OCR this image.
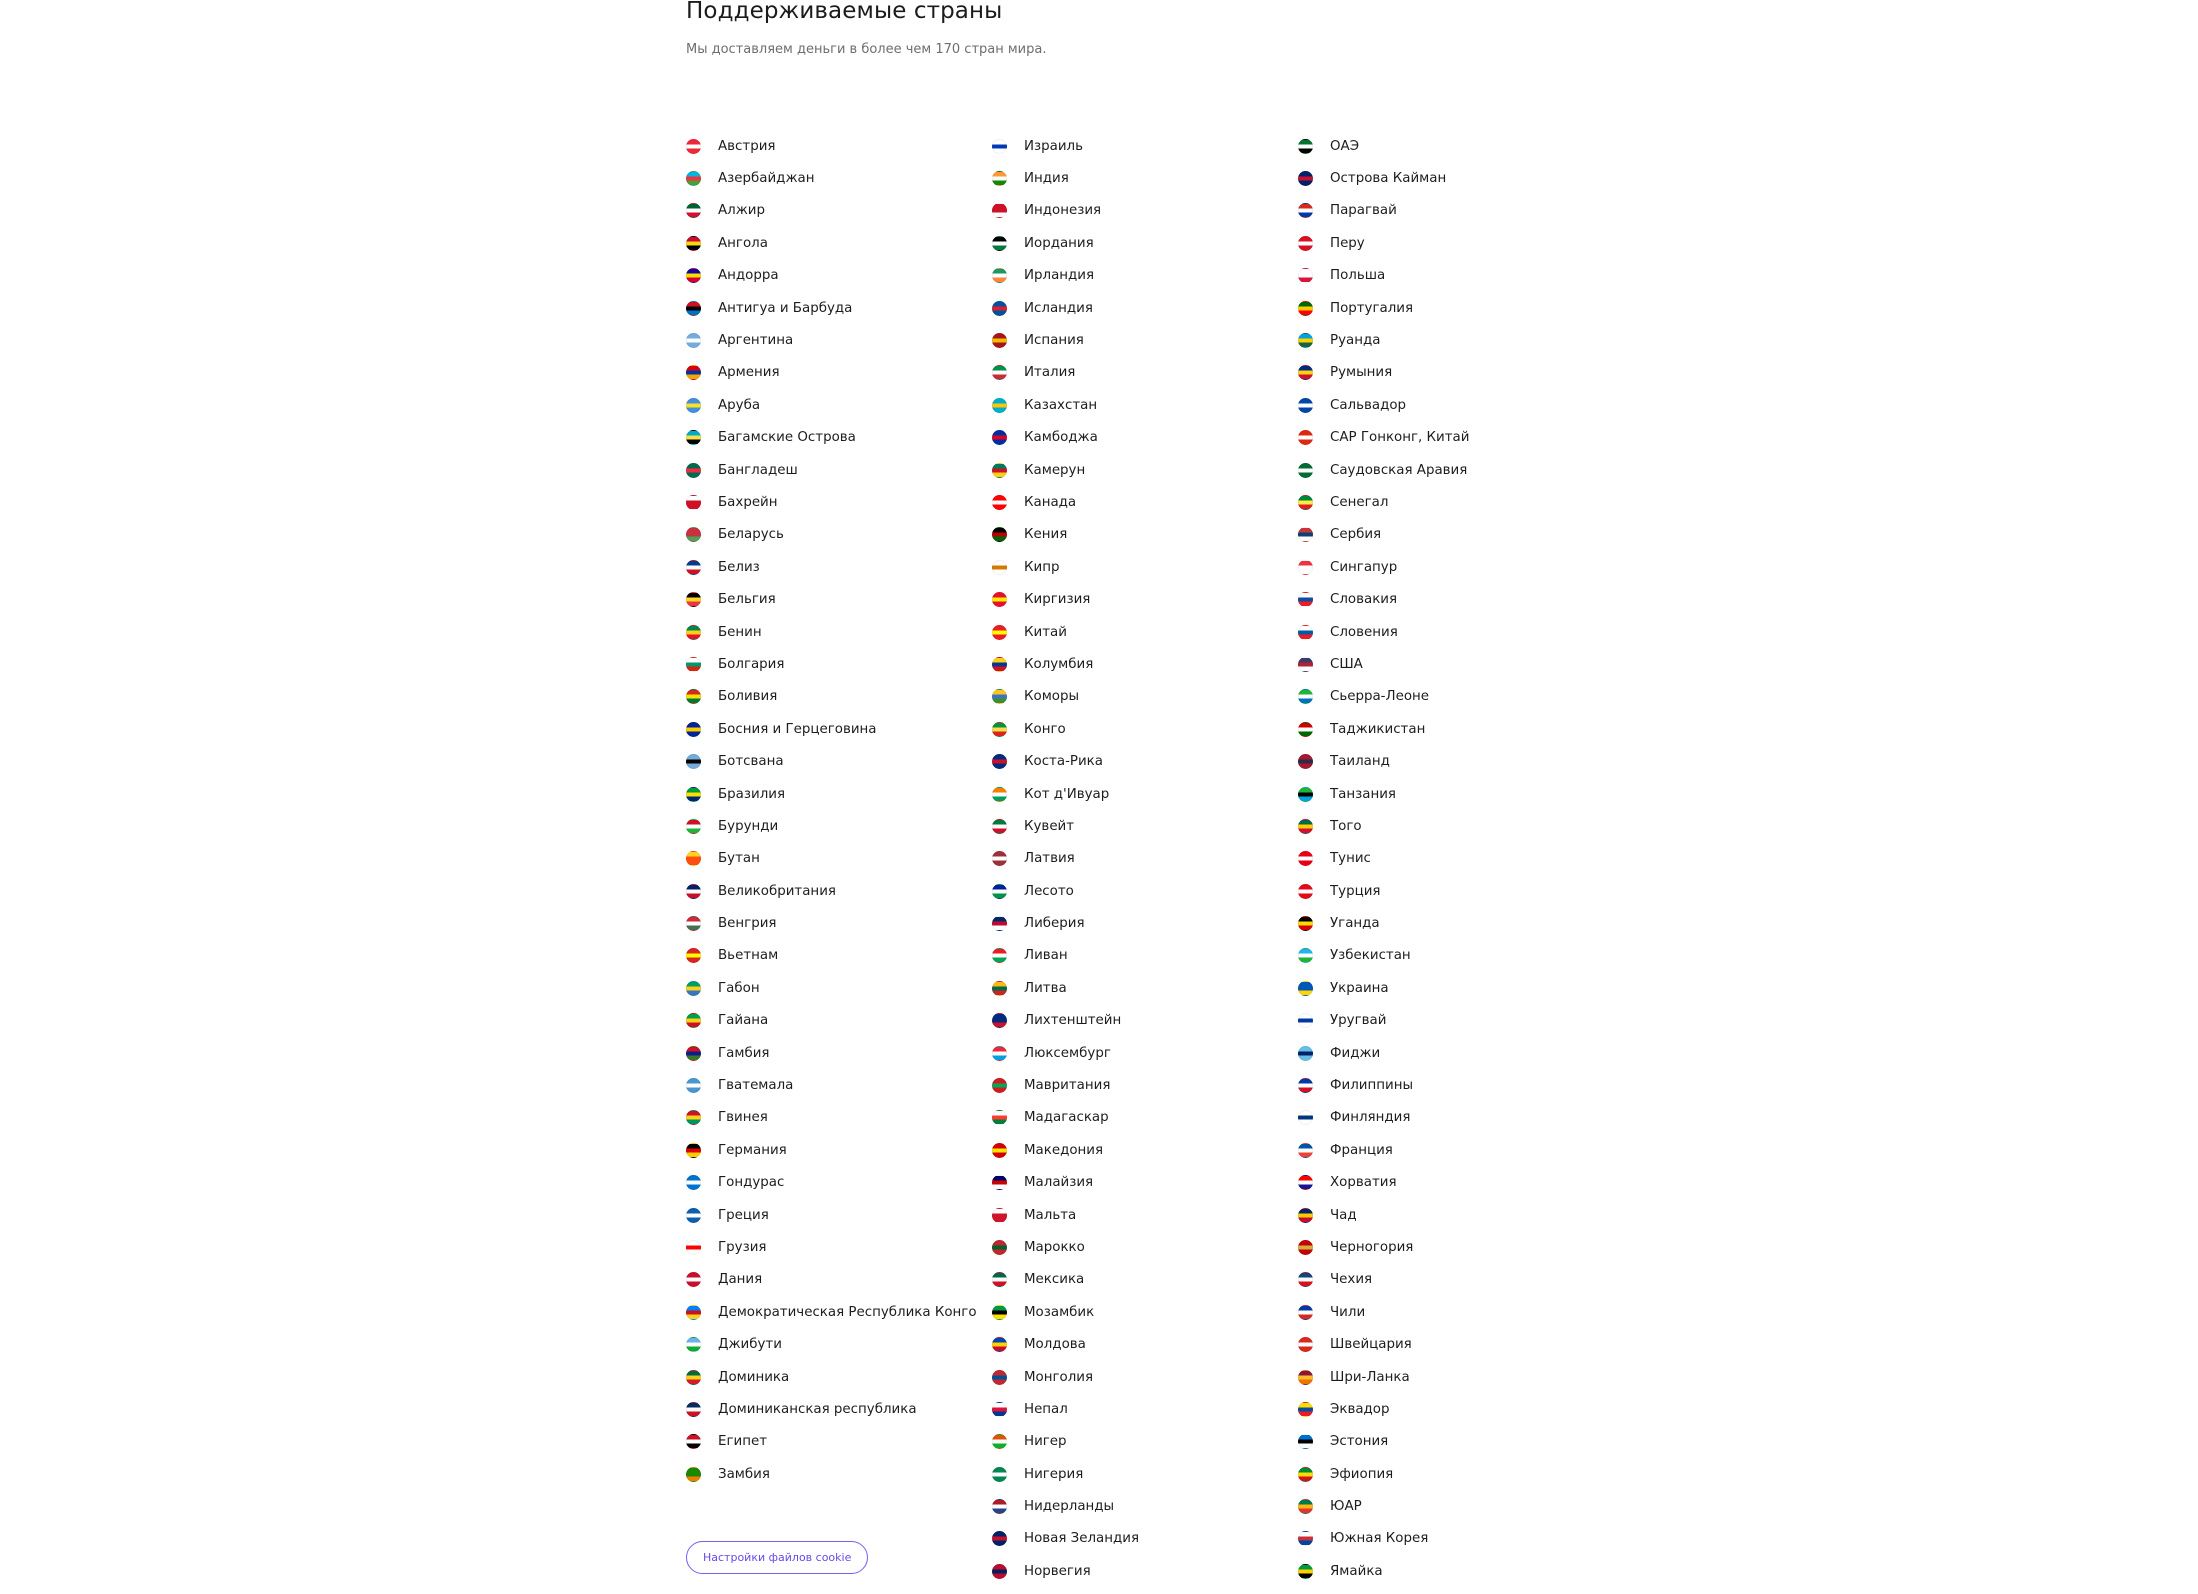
Поддерживаемые страны

Мы доставляем деньги в более чем 170 стран мира.

Австрия
Азербайджан
Алжир
Ангола
Андорра
Антигуа и Барбуда
Аргентина
Армения
Аруба
Багамские Острова
Бангладеш
Бахрейн
Беларусь
Белиз
Бельгия
Бенин
Болгария
Боливия
Босния и Герцеговина
Ботсвана
Бразилия
Бурунди
Бутан
Великобритания
Венгрия
Вьетнам
Габон
Гайана
Гамбия
Гватемала
Гвинея
Германия
Гондурас
Греция
Грузия
Дания
Демократическая Республика Конго
Джибути
Доминика
Доминиканская республика
Египет
Замбия
Израиль
Индия
Индонезия
Иордания
Ирландия
Исландия
Испания
Италия
Казахстан
Камбоджа
Камерун
Канада
Кения
Кипр
Киргизия
Китай
Колумбия
Коморы
Конго
Коста-Рика
Кот д'Ивуар
Кувейт
Латвия
Лесото
Либерия
Ливан
Литва
Лихтенштейн
Люксембург
Мавритания
Мадагаскар
Македония
Малайзия
Мальта
Марокко
Мексика
Мозамбик
Молдова
Монголия
Непал
Нигер
Нигерия
Нидерланды
Новая Зеландия
Норвегия
ОАЭ
Острова Кайман
Парагвай
Перу
Польша
Португалия
Руанда
Румыния
Сальвадор
САР Гонконг, Китай
Саудовская Аравия
Сенегал
Сербия
Сингапур
Словакия
Словения
США
Сьерра-Леоне
Таджикистан
Таиланд
Танзания
Того
Тунис
Турция
Уганда
Узбекистан
Украина
Уругвай
Фиджи
Филиппины
Финляндия
Франция
Хорватия
Чад
Черногория
Чехия
Чили
Швейцария
Шри-Ланка
Эквадор
Эстония
Эфиопия
ЮАР
Южная Корея
Ямайка
Настройки файлов cookie
